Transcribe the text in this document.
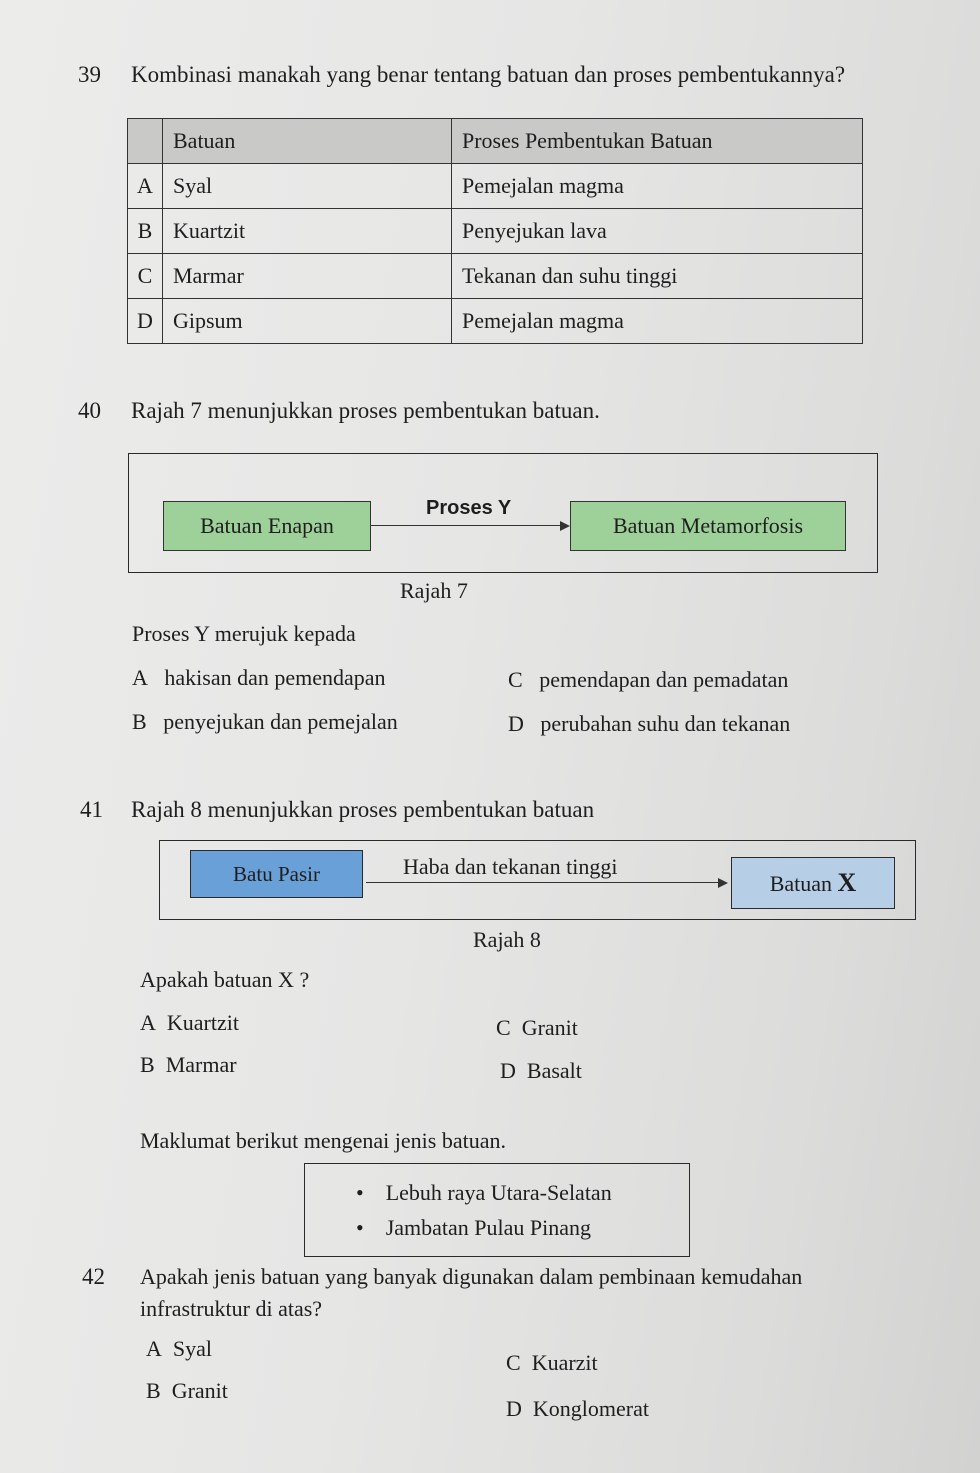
39 Kombinasi manakah yang benar tentang batuan dan proses pembentukannya?
	Batuan	Proses Pembentukan Batuan
A	Syal	Pemejalan magma
B	Kuartzit	Penyejukan lava
C	Marmar	Tekanan dan suhu tinggi
D	Gipsum	Pemejalan magma
40 Rajah 7 menunjukkan proses pembentukan batuan.
Batuan Enapan
Proses Y
Batuan Metamorfosis
Rajah 7
Proses Y merujuk kepada
A hakisan dan pemendapan
B penyejukan dan pemejalan
C pemendapan dan pemadatan
D perubahan suhu dan tekanan
41 Rajah 8 menunjukkan proses pembentukan batuan
Batu Pasir	Haba dan tekanan tinggi
Batuan X
Rajah 8
Apakah batuan X ?
A Kuartzit
B Marmar
C Granit
D Basalt
Maklumat berikut mengenai jenis batuan.
• Lebuh raya Utara-Selatan
• Jambatan Pulau Pinang
42 Apakah jenis batuan yang banyak digunakan dalam pembinaan kemudahan
infrastruktur di atas?
A Syal
B Granit
C Kuarzit
D Konglomerat
